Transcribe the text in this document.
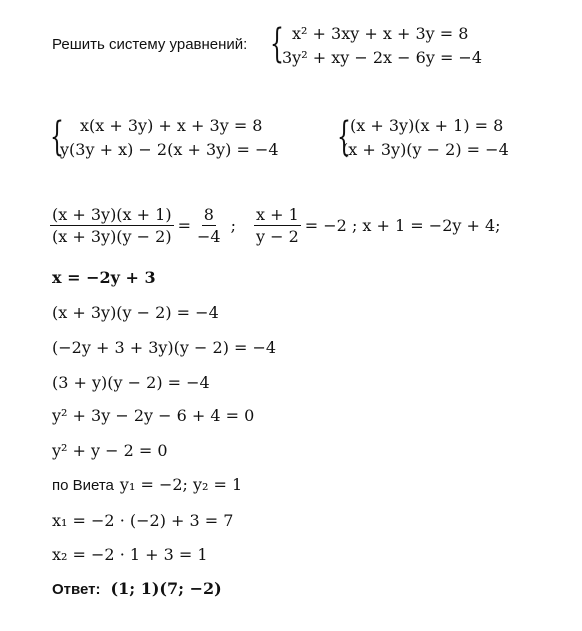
Решить систему уравнений: { x² + 3xy + x + 3y = 8
3y² + xy − 2x − 6y = −4
{ x(x + 3y) + x + 3y = 8
y(3y + x) − 2(x + 3y) = −4 { (x + 3y)(x + 1) = 8
(x + 3y)(y − 2) = −4
$\frac{(x + 3y)(x + 1)}{(x + 3y)(y - 2)} = \frac{8}{-4}$ ; $\frac{x + 1}{y - 2} = -2$ ; x + 1 = −2y + 4;
x = −2y + 3
(x + 3y)(y − 2) = −4
(−2y + 3 + 3y)(y − 2) = −4
(3 + y)(y − 2) = −4
y² + 3y − 2y − 6 + 4 = 0
y² + y − 2 = 0
по Виета y₁ = −2; y₂ = 1
x₁ = −2 · (−2) + 3 = 7
x₂ = −2 · 1 + 3 = 1
Ответ: (1; 1)(7; −2)
